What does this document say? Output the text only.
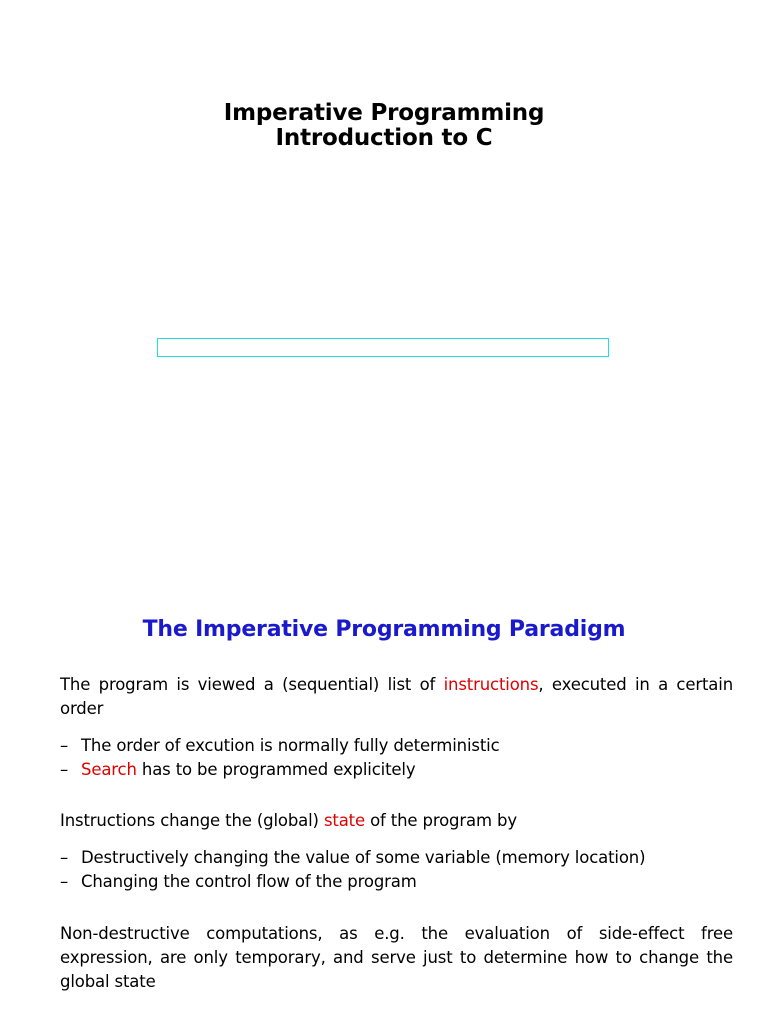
Imperative Programming
Introduction to C
The Imperative Programming Paradigm

The program is viewed a (sequential) list of instructions, executed in a certain order

– The order of excution is normally fully deterministic
– Search has to be programmed explicitely

Instructions change the (global) state of the program by

– Destructively changing the value of some variable (memory location)
– Changing the control flow of the program

Non-destructive computations, as e.g. the evaluation of side-effect free expression, are only temporary, and serve just to determine how to change the global state
